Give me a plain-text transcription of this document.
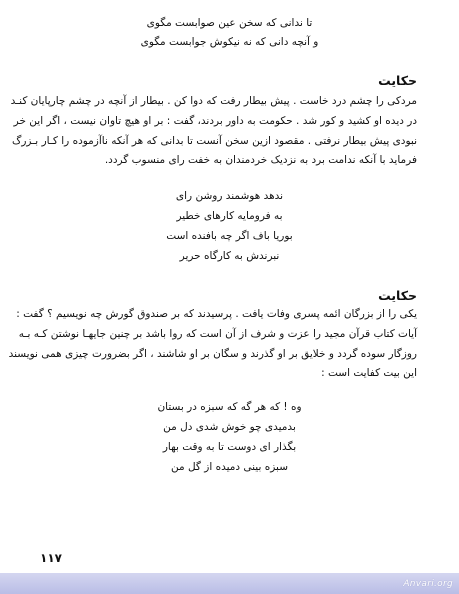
تا ندانی که سخن عین صوابست مگوی
و آنچه دانی که نه نیکوش جوابست مگوی
حکایت
مردکی را چشم درد خاست . پیش بیطار رفت که دوا کن . بیطار از آنچه در چشم چارپایان کنـد
در دیده او کشید و کور شد . حکومت به داور بردند، گفت : بر او هیچ تاوان نیست ، اگر این خر
نبودی پیش بیطار نرفتی . مقصود ازین سخن آنست تا بدانی که هر آنکه ناآزموده را کـار بـزرگ
فرماید با آنکه ندامت برد به نزدیک خردمندان به خفت رای منسوب گردد.
ندهد هوشمند روشن رای
به فرومایه کارهای خطیر
بوریا باف اگر چه بافنده است
نبرندش به کارگاه حریر
حکایت
یکی را از بزرگان ائمه پسری وفات یافت . پرسیدند که بر صندوق گورش چه نویسیم ؟ گفت :
آیات کتاب قرآن مجید را عزت و شرف از آن است که روا باشد بر چنین جایهـا نوشتن کـه بـه
روزگار سوده گردد و خلایق بر او گذرند و سگان بر او شاشند ، اگر بضرورت چیزی همی نویسند
این بیت کفایت است :
وه ! که هر گه که سبزه در بستان
بدمیدی چو خوش شدی دل من
بگذار ای دوست تا به وقت بهار
سبزه بینی دمیده از گل من
۱۱۷
Anvari.org
